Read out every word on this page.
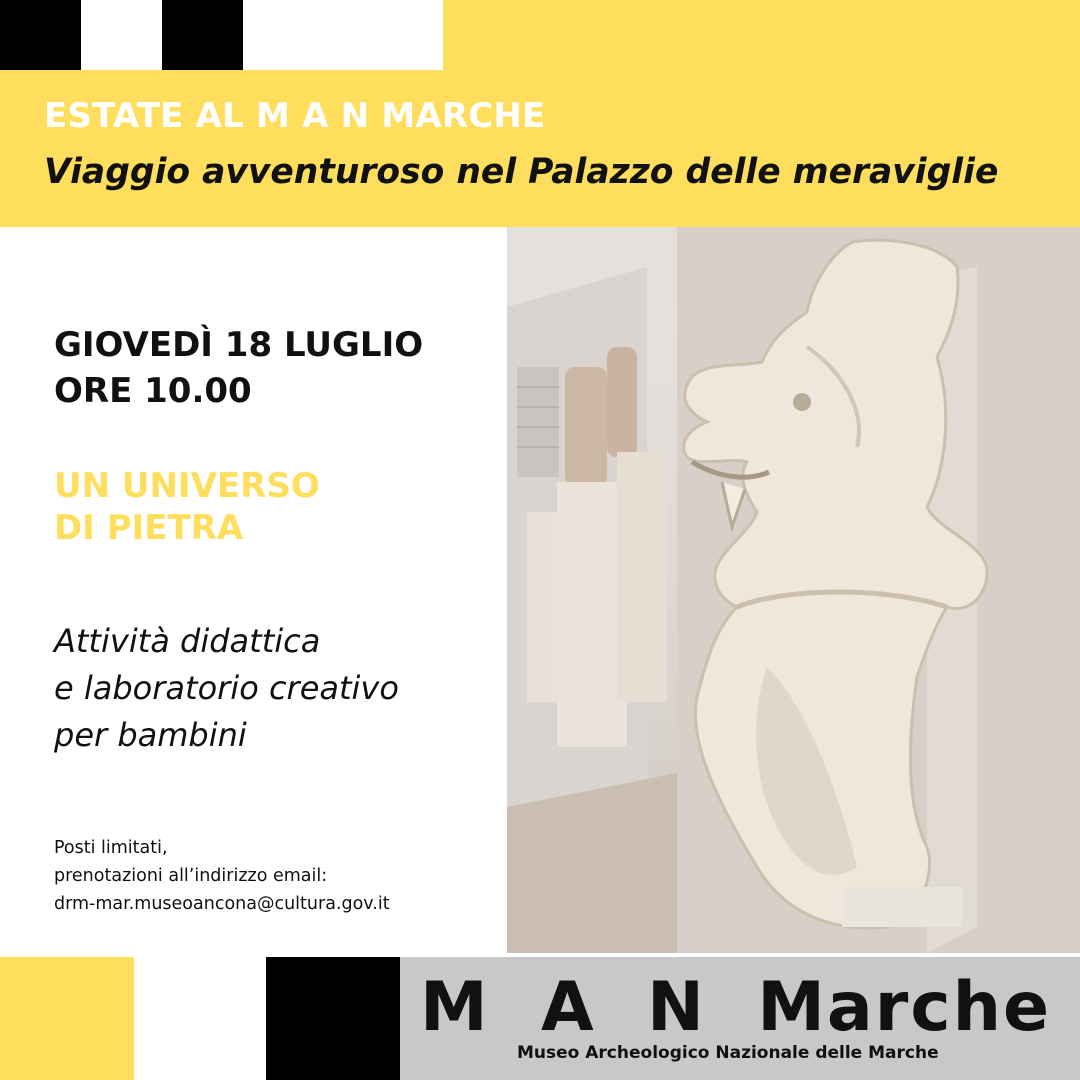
ESTATE AL M A N MARCHE
Viaggio avventuroso nel Palazzo delle meraviglie
GIOVEDÌ 18 LUGLIO
ORE 10.00
UN UNIVERSO
DI PIETRA
Attività didattica
e laboratorio creativo
per bambini
Posti limitati,
prenotazioni all’indirizzo email:
drm-mar.museoancona@cultura.gov.it
M  A  N  Marche
Museo Archeologico Nazionale delle Marche
